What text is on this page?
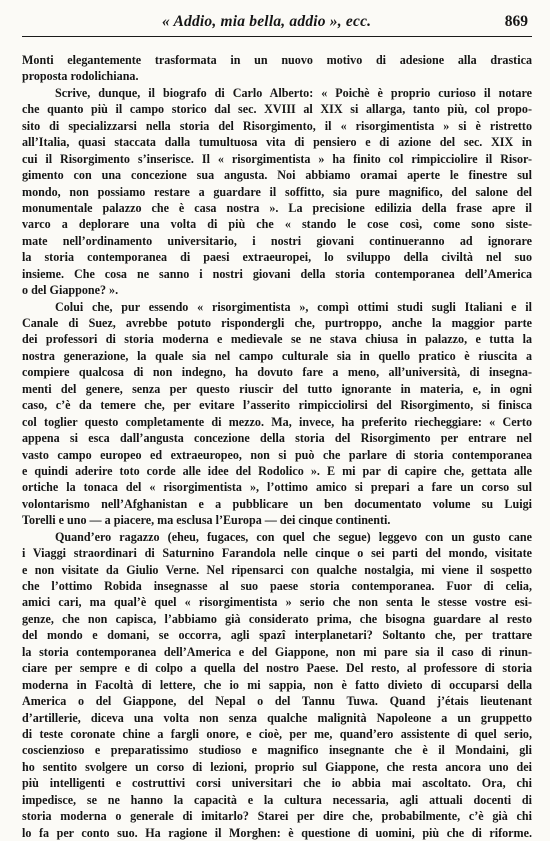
« Addio, mia bella, addio », ecc.	869
Monti elegantemente trasformata in un nuovo motivo di adesione alla drastica
proposta rodolichiana.
Scrive, dunque, il biografo di Carlo Alberto: « Poichè è proprio curioso il notare
che quanto più il campo storico dal sec. XVIII al XIX si allarga, tanto più, col propo-
sito di specializzarsi nella storia del Risorgimento, il « risorgimentista » si è ristretto
all’Italia, quasi staccata dalla tumultuosa vita di pensiero e di azione del sec. XIX in
cui il Risorgimento s’inserisce. Il « risorgimentista » ha finito col rimpicciolire il Risor-
gimento con una concezione sua angusta. Noi abbiamo oramai aperte le finestre sul
mondo, non possiamo restare a guardare il soffitto, sia pure magnifico, del salone del
monumentale palazzo che è casa nostra ». La precisione edilizia della frase apre il
varco a deplorare una volta di più che « stando le cose così, come sono siste-
mate nell’ordinamento universitario, i nostri giovani continueranno ad ignorare
la storia contemporanea di paesi extraeuropei, lo sviluppo della civiltà nel suo
insieme. Che cosa ne sanno i nostri giovani della storia contemporanea dell’America
o del Giappone? ».
Colui che, pur essendo « risorgimentista », compì ottimi studi sugli Italiani e il
Canale di Suez, avrebbe potuto rispondergli che, purtroppo, anche la maggior parte
dei professori di storia moderna e medievale se ne stava chiusa in palazzo, e tutta la
nostra generazione, la quale sia nel campo culturale sia in quello pratico è riuscita a
compiere qualcosa di non indegno, ha dovuto fare a meno, all’università, di insegna-
menti del genere, senza per questo riuscir del tutto ignorante in materia, e, in ogni
caso, c’è da temere che, per evitare l’asserito rimpicciolirsi del Risorgimento, si finisca
col toglier questo completamente di mezzo. Ma, invece, ha preferito riecheggiare: « Certo
appena si esca dall’angusta concezione della storia del Risorgimento per entrare nel
vasto campo europeo ed extraeuropeo, non si può che parlare di storia contemporanea
e quindi aderire toto corde alle idee del Rodolico ». E mi par di capire che, gettata alle
ortiche la tonaca del « risorgimentista », l’ottimo amico si prepari a fare un corso sul
volontarismo nell’Afghanistan e a pubblicare un ben documentato volume su Luigi
Torelli e uno — a piacere, ma esclusa l’Europa — dei cinque continenti.
Quand’ero ragazzo (eheu, fugaces, con quel che segue) leggevo con un gusto cane
i Viaggi straordinari di Saturnino Farandola nelle cinque o sei parti del mondo, visitate
e non visitate da Giulio Verne. Nel ripensarci con qualche nostalgia, mi viene il sospetto
che l’ottimo Robida insegnasse al suo paese storia contemporanea. Fuor di celia,
amici cari, ma qual’è quel « risorgimentista » serio che non senta le stesse vostre esi-
genze, che non capisca, l’abbiamo già considerato prima, che bisogna guardare al resto
del mondo e domani, se occorra, agli spazî interplanetari? Soltanto che, per trattare
la storia contemporanea dell’America e del Giappone, non mi pare sia il caso di rinun-
ciare per sempre e di colpo a quella del nostro Paese. Del resto, al professore di storia
moderna in Facoltà di lettere, che io mi sappia, non è fatto divieto di occuparsi della
America o del Giappone, del Nepal o del Tannu Tuwa. Quand j’étais lieutenant
d’artillerie, diceva una volta non senza qualche malignità Napoleone a un gruppetto
di teste coronate chine a fargli onore, e cioè, per me, quand’ero assistente di quel serio,
coscienzioso e preparatissimo studioso e magnifico insegnante che è il Mondaini, gli
ho sentito svolgere un corso di lezioni, proprio sul Giappone, che resta ancora uno dei
più intelligenti e costruttivi corsi universitari che io abbia mai ascoltato. Ora, chi
impedisce, se ne hanno la capacità e la cultura necessaria, agli attuali docenti di
storia moderna o generale di imitarlo? Starei per dire che, probabilmente, c’è già chi
lo fa per conto suo. Ha ragione il Morghen: è questione di uomini, più che di riforme.
